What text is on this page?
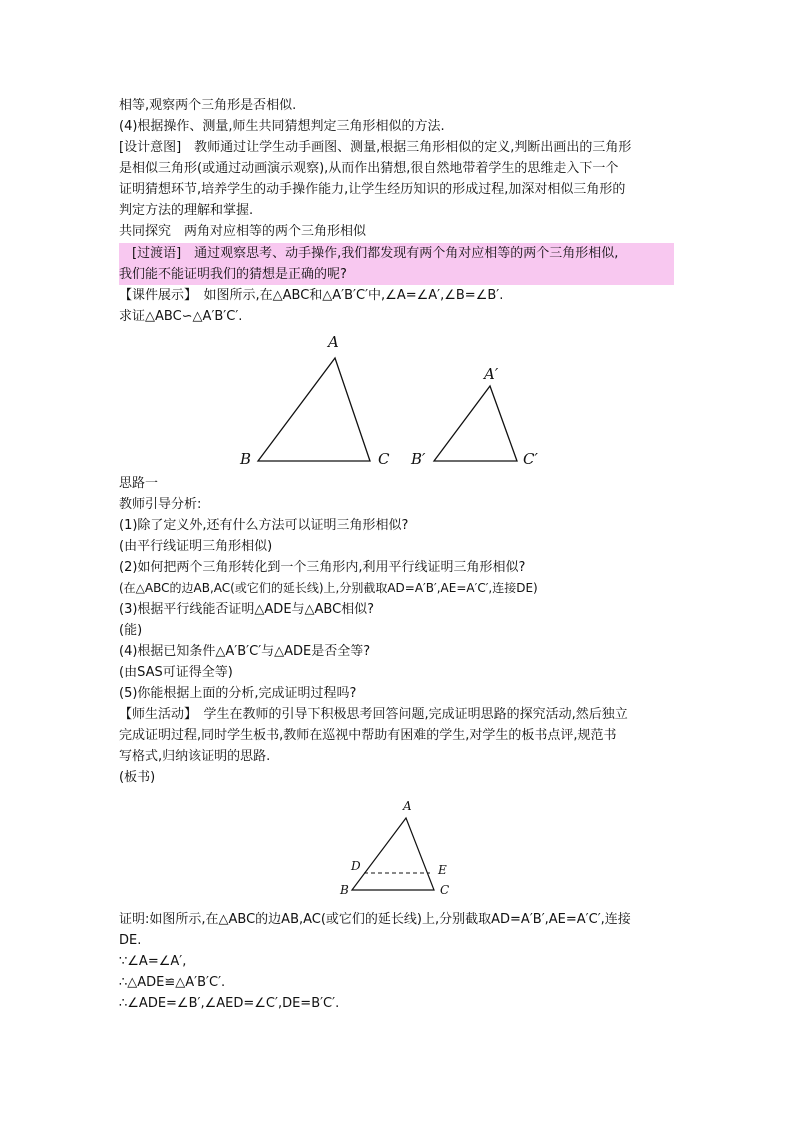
相等,观察两个三角形是否相似.
(4)根据操作、测量,师生共同猜想判定三角形相似的方法.
[设计意图]　教师通过让学生动手画图、测量,根据三角形相似的定义,判断出画出的三角形
是相似三角形(或通过动画演示观察),从而作出猜想,很自然地带着学生的思维走入下一个
证明猜想环节,培养学生的动手操作能力,让学生经历知识的形成过程,加深对相似三角形的
判定方法的理解和掌握.
共同探究　两角对应相等的两个三角形相似
　[过渡语]　通过观察思考、动手操作,我们都发现有两个角对应相等的两个三角形相似,
我们能不能证明我们的猜想是正确的呢?
【课件展示】　如图所示,在△ABC和△A′B′C′中,∠A=∠A′,∠B=∠B′.
求证△ABC∽△A′B′C′.
A
B	C
A′
B′	C′
思路一
教师引导分析:
(1)除了定义外,还有什么方法可以证明三角形相似?
(由平行线证明三角形相似)
(2)如何把两个三角形转化到一个三角形内,利用平行线证明三角形相似?
(在△ABC的边AB,AC(或它们的延长线)上,分别截取AD=A′B′,AE=A′C′,连接DE)
(3)根据平行线能否证明△ADE与△ABC相似?
(能)
(4)根据已知条件△A′B′C′与△ADE是否全等?
(由SAS可证得全等)
(5)你能根据上面的分析,完成证明过程吗?
【师生活动】　学生在教师的引导下积极思考回答问题,完成证明思路的探究活动,然后独立
完成证明过程,同时学生板书,教师在巡视中帮助有困难的学生,对学生的板书点评,规范书
写格式,归纳该证明的思路.
(板书)
A
B	C
D	E
证明:如图所示,在△ABC的边AB,AC(或它们的延长线)上,分别截取AD=A′B′,AE=A′C′,连接
DE.
∵∠A=∠A′,
∴△ADE≌△A′B′C′.
∴∠ADE=∠B′,∠AED=∠C′,DE=B′C′.
